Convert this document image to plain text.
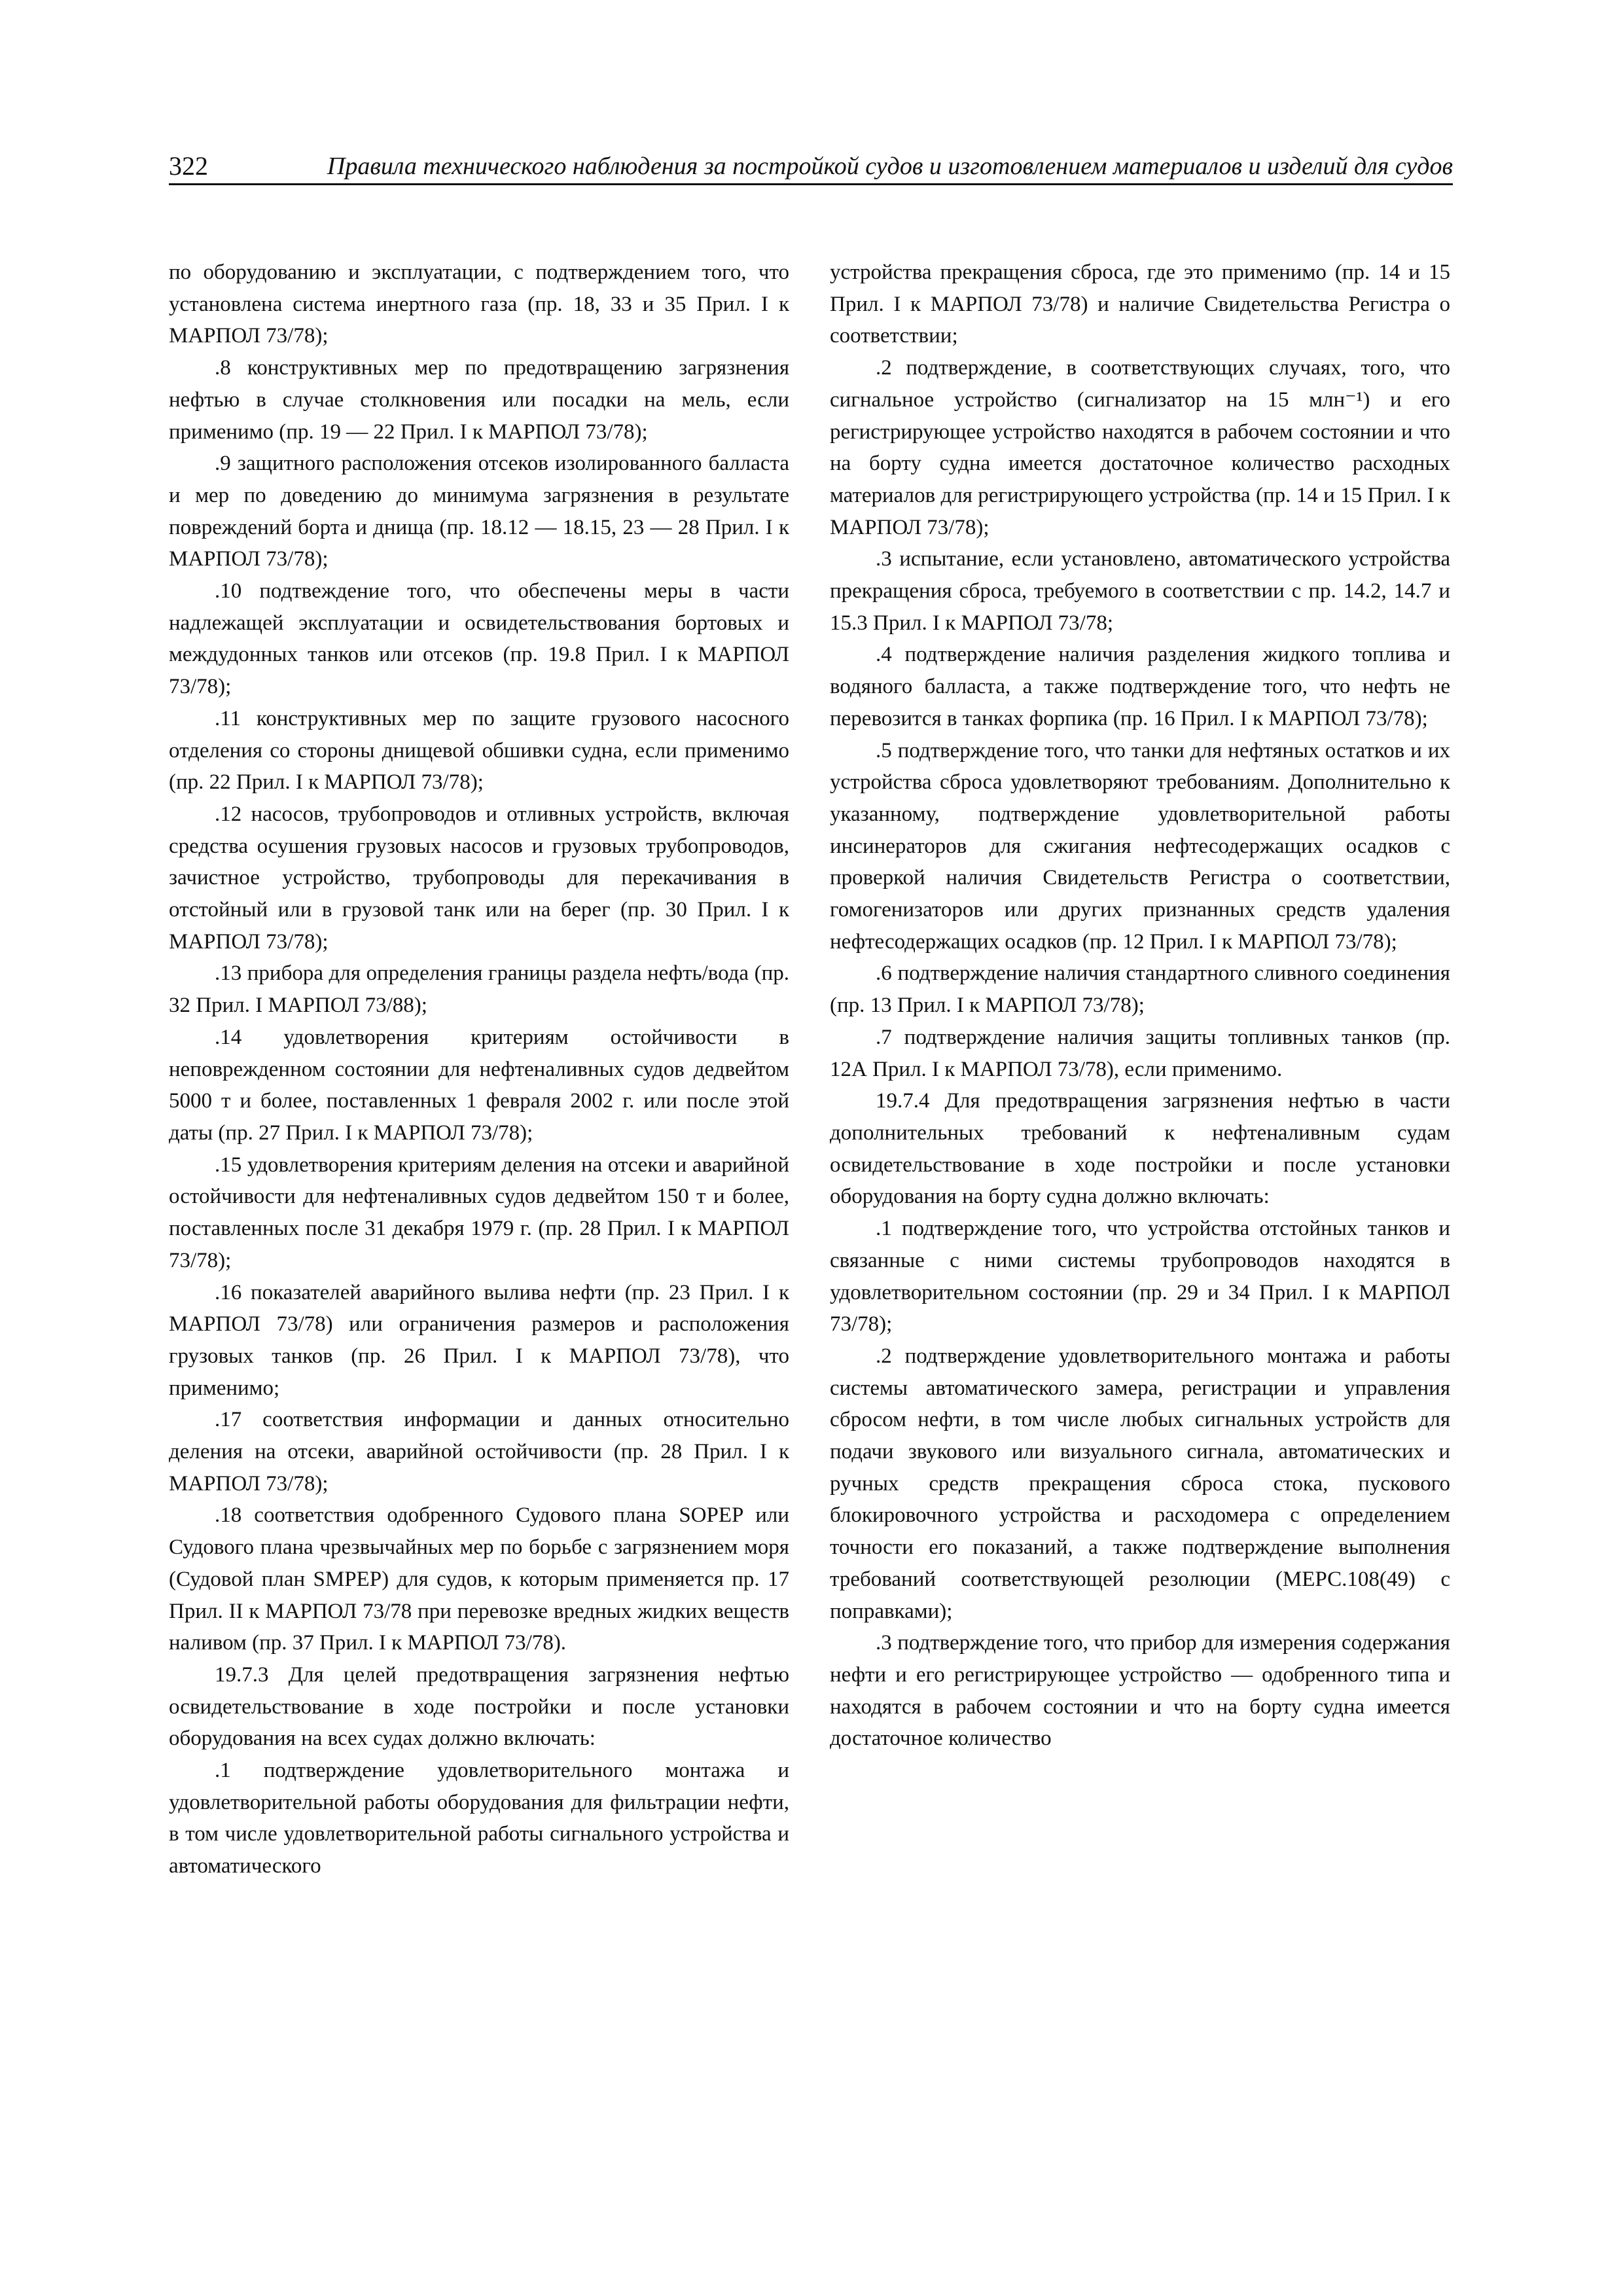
322	Правила технического наблюдения за постройкой судов и изготовлением материалов и изделий для судов

по оборудованию и эксплуатации, с подтверждением того, что установлена система инертного газа (пр. 18, 33 и 35 Прил. I к МАРПОЛ 73/78);

.8 конструктивных мер по предотвращению загрязнения нефтью в случае столкновения или посадки на мель, если применимо (пр. 19 — 22 Прил. I к МАРПОЛ 73/78);

.9 защитного расположения отсеков изолированного балласта и мер по доведению до минимума загрязнения в результате повреждений борта и днища (пр. 18.12 — 18.15, 23 — 28 Прил. I к МАРПОЛ 73/78);

.10 подтвеждение того, что обеспечены меры в части надлежащей эксплуатации и освидетельствования бортовых и междудонных танков или отсеков (пр. 19.8 Прил. I к МАРПОЛ 73/78);

.11 конструктивных мер по защите грузового насосного отделения со стороны днищевой обшивки судна, если применимо (пр. 22 Прил. I к МАРПОЛ 73/78);

.12 насосов, трубопроводов и отливных устройств, включая средства осушения грузовых насосов и грузовых трубопроводов, зачистное устройство, трубопроводы для перекачивания в отстойный или в грузовой танк или на берег (пр. 30 Прил. I к МАРПОЛ 73/78);

.13 прибора для определения границы раздела нефть/вода (пр. 32 Прил. I МАРПОЛ 73/88);

.14 удовлетворения критериям остойчивости в неповрежденном состоянии для нефтеналивных судов дедвейтом 5000 т и более, поставленных 1 февраля 2002 г. или после этой даты (пр. 27 Прил. I к МАРПОЛ 73/78);

.15 удовлетворения критериям деления на отсеки и аварийной остойчивости для нефтеналивных судов дедвейтом 150 т и более, поставленных после 31 декабря 1979 г. (пр. 28 Прил. I к МАРПОЛ 73/78);

.16 показателей аварийного вылива нефти (пр. 23 Прил. I к МАРПОЛ 73/78) или ограничения размеров и расположения грузовых танков (пр. 26 Прил. I к МАРПОЛ 73/78), что применимо;

.17 соответствия информации и данных относительно деления на отсеки, аварийной остойчивости (пр. 28 Прил. I к МАРПОЛ 73/78);

.18 соответствия одобренного Судового плана SOPEP или Судового плана чрезвычайных мер по борьбе с загрязнением моря (Судовой план SMPEP) для судов, к которым применяется пр. 17 Прил. II к МАРПОЛ 73/78 при перевозке вредных жидких веществ наливом (пр. 37 Прил. I к МАРПОЛ 73/78).

19.7.3 Для целей предотвращения загрязнения нефтью освидетельствование в ходе постройки и после установки оборудования на всех судах должно включать:

.1 подтверждение удовлетворительного монтажа и удовлетворительной работы оборудования для фильтрации нефти, в том числе удовлетворительной работы сигнального устройства и автоматического

устройства прекращения сброса, где это применимо (пр. 14 и 15 Прил. I к МАРПОЛ 73/78) и наличие Свидетельства Регистра о соответствии;

.2 подтверждение, в соответствующих случаях, того, что сигнальное устройство (сигнализатор на 15 млн⁻¹) и его регистрирующее устройство находятся в рабочем состоянии и что на борту судна имеется достаточное количество расходных материалов для регистрирующего устройства (пр. 14 и 15 Прил. I к МАРПОЛ 73/78);

.3 испытание, если установлено, автоматического устройства прекращения сброса, требуемого в соответствии с пр. 14.2, 14.7 и 15.3 Прил. I к МАРПОЛ 73/78;

.4 подтверждение наличия разделения жидкого топлива и водяного балласта, а также подтверждение того, что нефть не перевозится в танках форпика (пр. 16 Прил. I к МАРПОЛ 73/78);

.5 подтверждение того, что танки для нефтяных остатков и их устройства сброса удовлетворяют требованиям. Дополнительно к указанному, подтверждение удовлетворительной работы инсинераторов для сжигания нефтесодержащих осадков с проверкой наличия Свидетельств Регистра о соответствии, гомогенизаторов или других признанных средств удаления нефтесодержащих осадков (пр. 12 Прил. I к МАРПОЛ 73/78);

.6 подтверждение наличия стандартного сливного соединения (пр. 13 Прил. I к МАРПОЛ 73/78);

.7 подтверждение наличия защиты топливных танков (пр. 12А Прил. I к МАРПОЛ 73/78), если применимо.

19.7.4 Для предотвращения загрязнения нефтью в части дополнительных требований к нефтеналивным судам освидетельствование в ходе постройки и после установки оборудования на борту судна должно включать:

.1 подтверждение того, что устройства отстойных танков и связанные с ними системы трубопроводов находятся в удовлетворительном состоянии (пр. 29 и 34 Прил. I к МАРПОЛ 73/78);

.2 подтверждение удовлетворительного монтажа и работы системы автоматического замера, регистрации и управления сбросом нефти, в том числе любых сигнальных устройств для подачи звукового или визуального сигнала, автоматических и ручных средств прекращения сброса стока, пускового блокировочного устройства и расходомера с определением точности его показаний, а также подтверждение выполнения требований соответствующей резолюции (МЕРС.108(49) с поправками);

.3 подтверждение того, что прибор для измерения содержания нефти и его регистрирующее устройство — одобренного типа и находятся в рабочем состоянии и что на борту судна имеется достаточное количество
